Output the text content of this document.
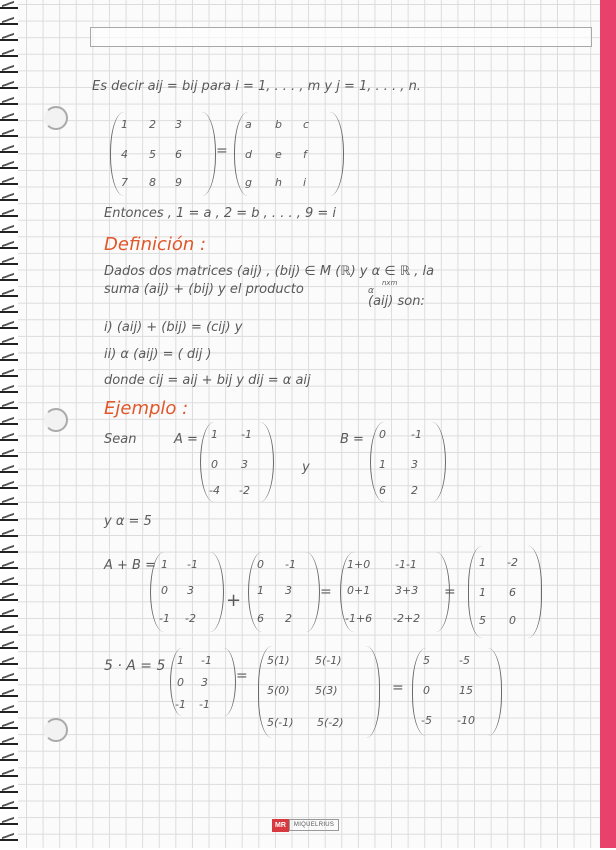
Es decir aij = bij para i = 1, . . . , m y j = 1, . . . , n.
1 2 3
4 5 6
7 8 9
=
a b c
d e f
g h i
Entonces , 1 = a , 2 = b , . . . , 9 = i
Definición :
Dados dos matrices (aij) , (bij) ∈ M (ℝ) y α ∈ ℝ , la
suma (aij) + (bij) y el producto	nxm
α
(aij) son:
i) (aij) + (bij) = (cij) y
ii) α (aij) = ( dij )
donde cij = aij + bij y dij = α aij
Ejemplo :
Sean	A = 1 -1
0 3
-4 -2
y
B = 0 -1
1 3
6 2
y α = 5
A + B = 1 -1
0 3
-1 -2
+
0 -1
1 3
6 2
=
1+0 -1-1
0+1 3+3
-1+6 -2+2
=
1 -2
1 6
5 0
5 · A = 5 1 -1
0 3
-1 -1
=
5(1) 5(-1)
5(0) 5(3)
5(-1) 5(-2)
=
5	-5
0	15
-5 -10
MR	MIQUELRIUS
